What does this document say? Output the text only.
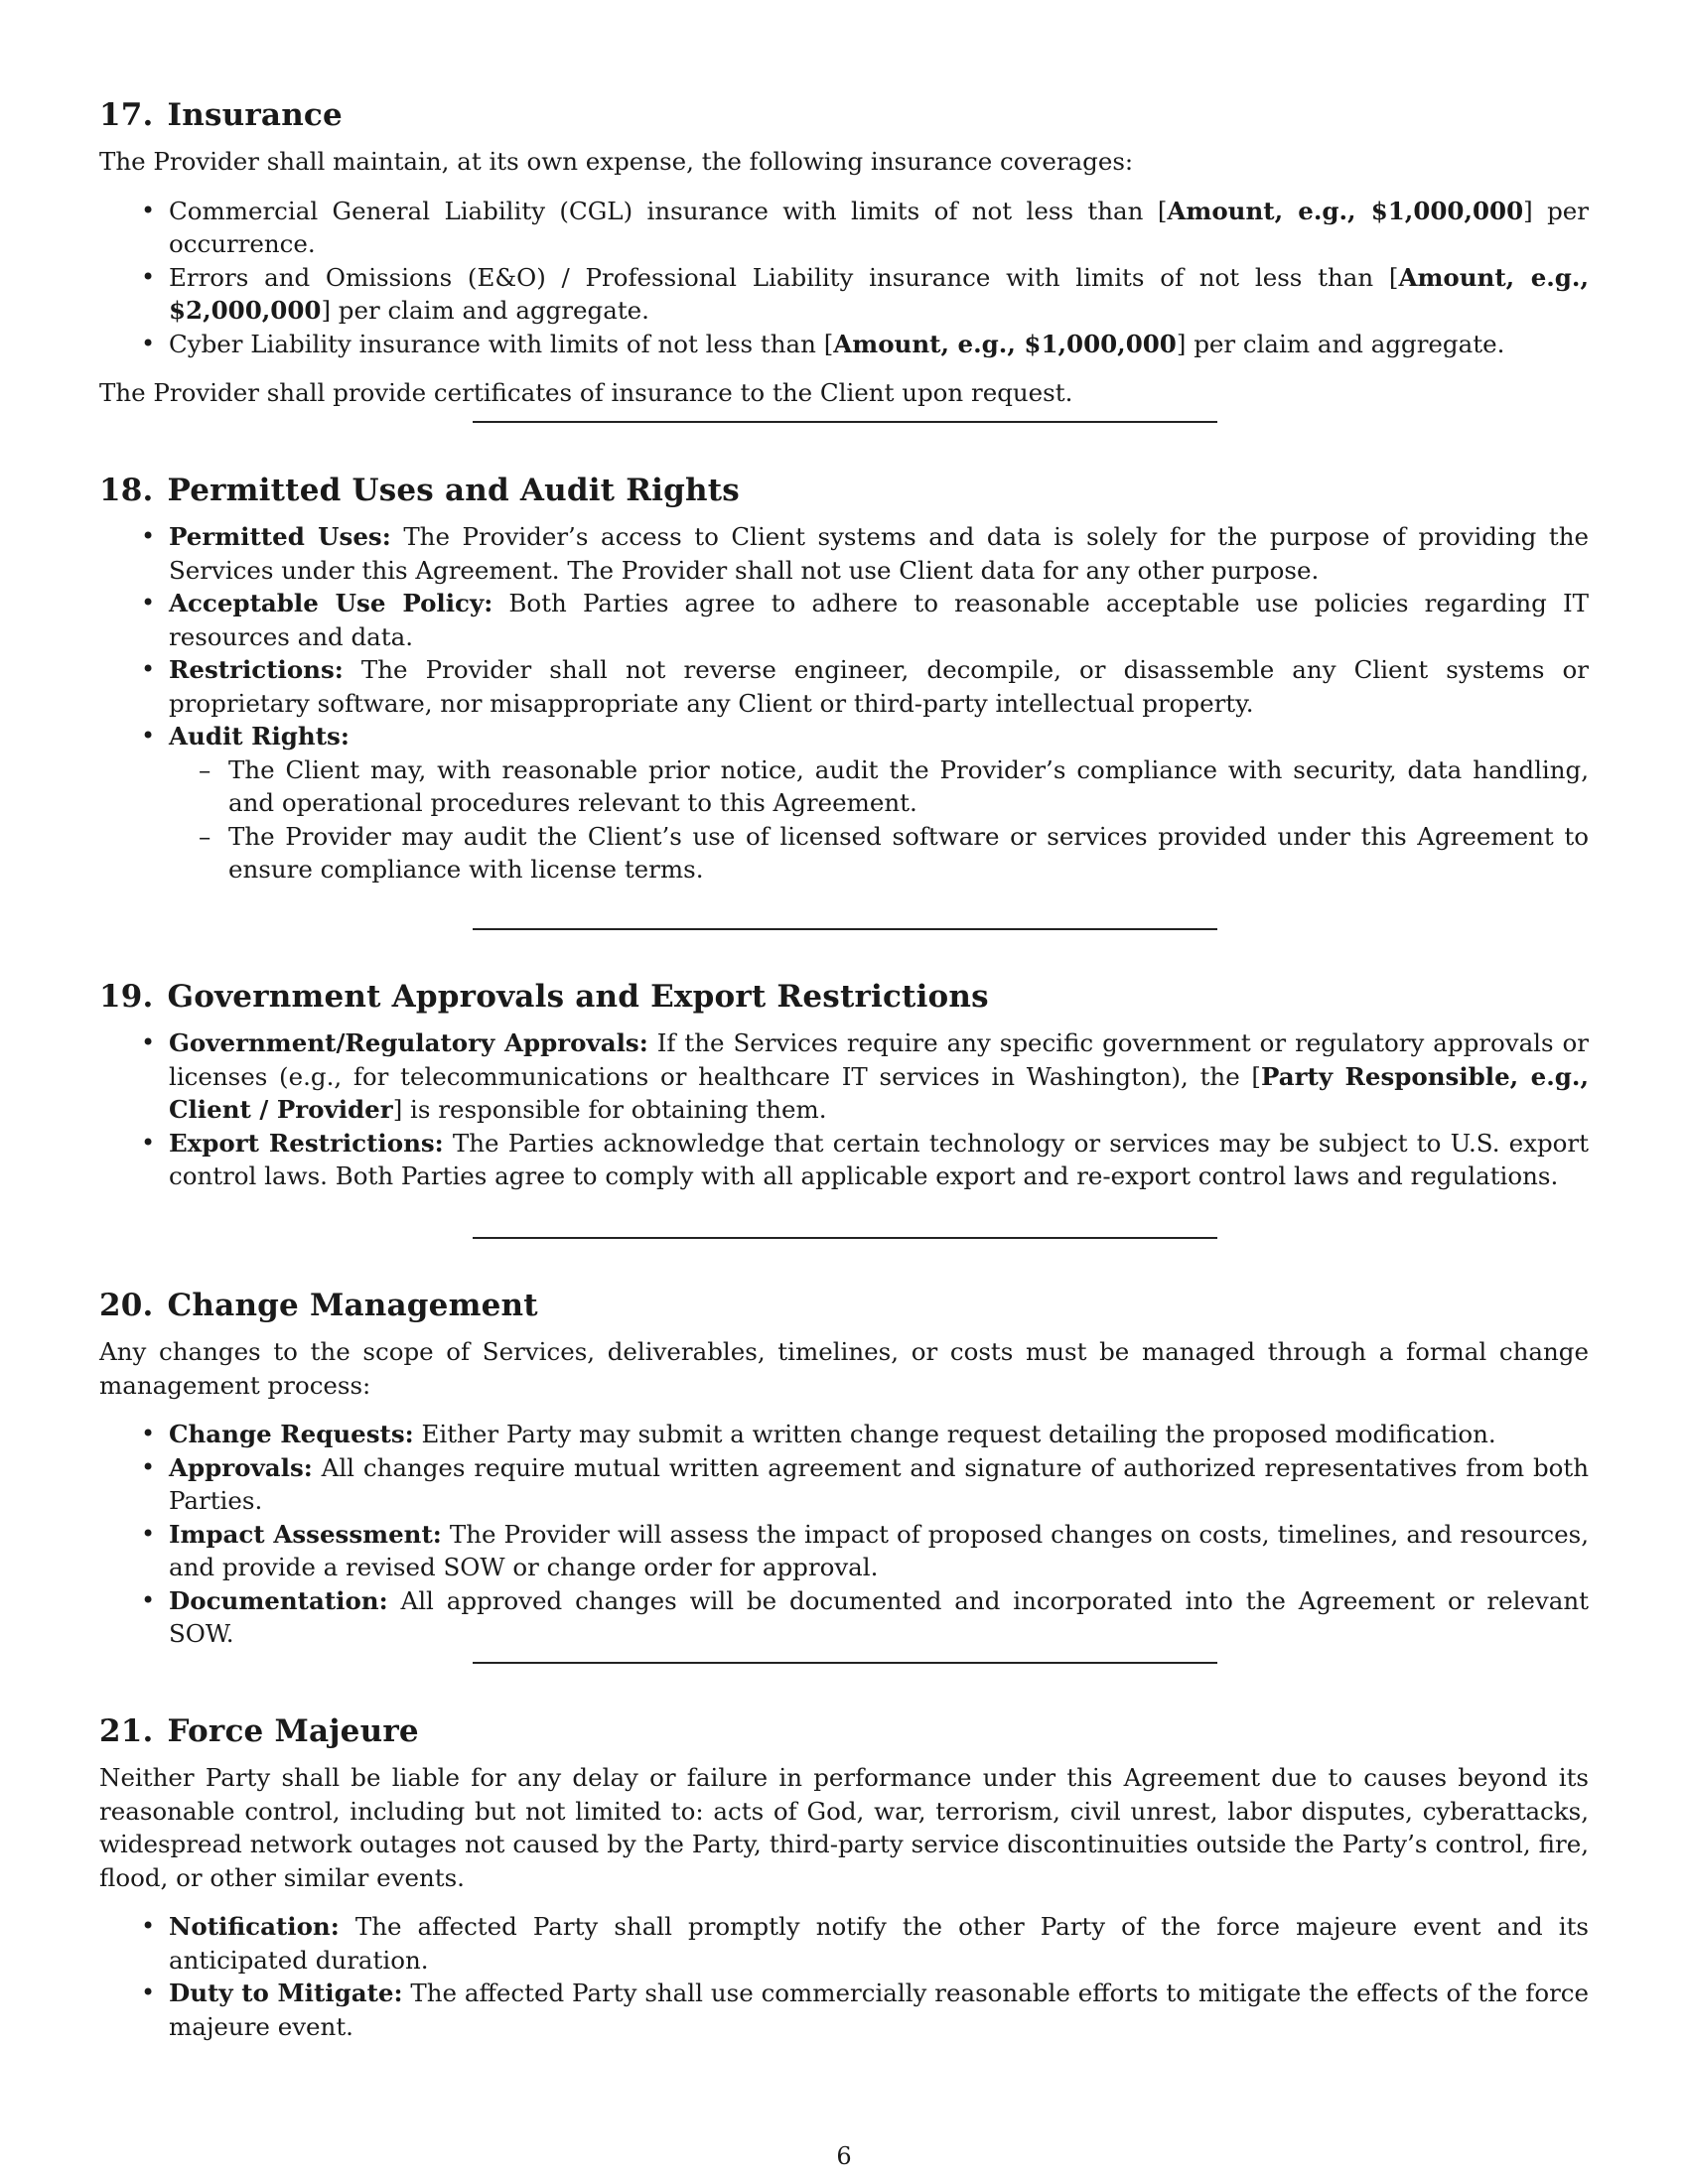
17. Insurance

The Provider shall maintain, at its own expense, the following insurance coverages:

• Commercial General Liability (CGL) insurance with limits of not less than [Amount, e.g., $1,000,000] per occurrence.
• Errors and Omissions (E&O) / Professional Liability insurance with limits of not less than [Amount, e.g., $2,000,000] per claim and aggregate.
• Cyber Liability insurance with limits of not less than [Amount, e.g., $1,000,000] per claim and aggregate.

The Provider shall provide certificates of insurance to the Client upon request.

18. Permitted Uses and Audit Rights
• Permitted Uses: The Provider’s access to Client systems and data is solely for the purpose of providing the Services under this Agreement. The Provider shall not use Client data for any other purpose.
• Acceptable Use Policy: Both Parties agree to adhere to reasonable acceptable use policies regarding IT resources and data.
• Restrictions: The Provider shall not reverse engineer, decompile, or disassemble any Client systems or proprietary software, nor misappropriate any Client or third-party intellectual property.
• Audit Rights:
– The Client may, with reasonable prior notice, audit the Provider’s compliance with security, data handling, and operational procedures relevant to this Agreement.
– The Provider may audit the Client’s use of licensed software or services provided under this Agreement to ensure compliance with license terms.
19. Government Approvals and Export Restrictions
• Government/Regulatory Approvals: If the Services require any specific government or regulatory approvals or licenses (e.g., for telecommunications or healthcare IT services in Washington), the [Party Responsible, e.g., Client / Provider] is responsible for obtaining them.
• Export Restrictions: The Parties acknowledge that certain technology or services may be subject to U.S. export control laws. Both Parties agree to comply with all applicable export and re-export control laws and regulations.
20. Change Management

Any changes to the scope of Services, deliverables, timelines, or costs must be managed through a formal change management process:

• Change Requests: Either Party may submit a written change request detailing the proposed modification.
• Approvals: All changes require mutual written agreement and signature of authorized representatives from both Parties.
• Impact Assessment: The Provider will assess the impact of proposed changes on costs, timelines, and resources, and provide a revised SOW or change order for approval.
• Documentation: All approved changes will be documented and incorporated into the Agreement or relevant SOW.
21. Force Majeure

Neither Party shall be liable for any delay or failure in performance under this Agreement due to causes beyond its reasonable control, including but not limited to: acts of God, war, terrorism, civil unrest, labor disputes, cyberattacks, widespread network outages not caused by the Party, third-party service discontinuities outside the Party’s control, fire, flood, or other similar events.

• Notification: The affected Party shall promptly notify the other Party of the force majeure event and its anticipated duration.
• Duty to Mitigate: The affected Party shall use commercially reasonable efforts to mitigate the effects of the force majeure event.
6
